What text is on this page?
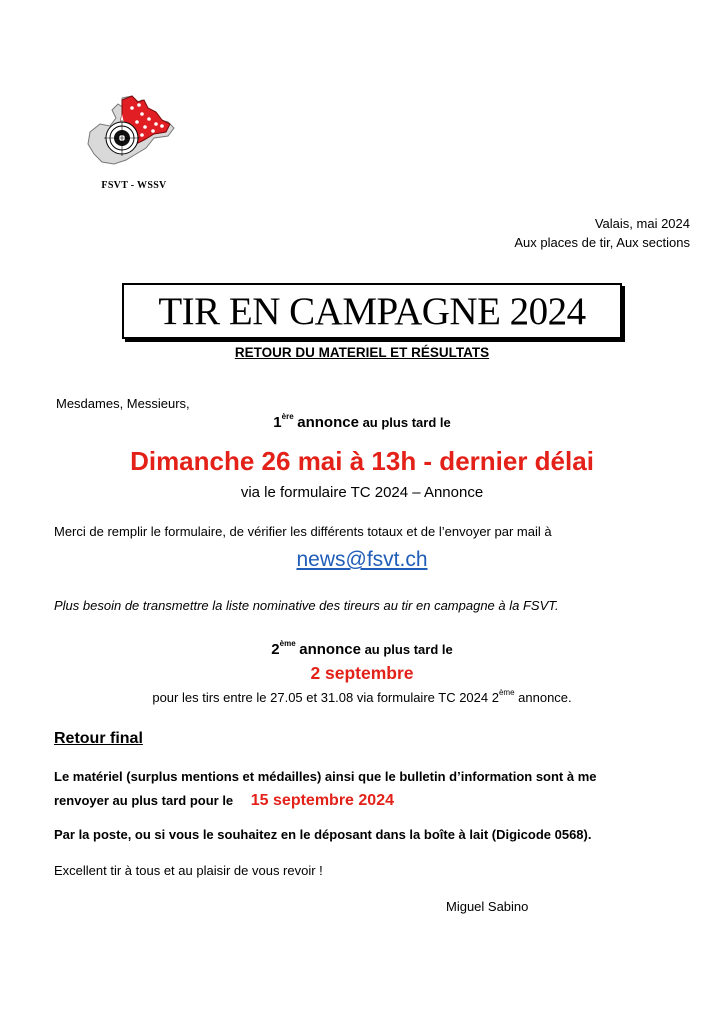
FSVT - WSSV
Valais, mai 2024
Aux places de tir, Aux sections
TIR EN CAMPAGNE 2024
RETOUR DU MATERIEL ET RÉSULTATS
Mesdames, Messieurs,
1ère annonce au plus tard le
Dimanche 26 mai à 13h - dernier délai
via le formulaire TC 2024 – Annonce
Merci de remplir le formulaire, de vérifier les différents totaux et de l’envoyer par mail à
news@fsvt.ch
Plus besoin de transmettre la liste nominative des tireurs au tir en campagne à la FSVT.
2ème annonce au plus tard le
2 septembre
pour les tirs entre le 27.05 et 31.08 via formulaire TC 2024 2ème annonce.
Retour final
Le matériel (surplus mentions et médailles) ainsi que le bulletin d’information sont à me
renvoyer au plus tard pour le 15 septembre 2024
Par la poste, ou si vous le souhaitez en le déposant dans la boîte à lait (Digicode 0568).
Excellent tir à tous et au plaisir de vous revoir !
Miguel Sabino
